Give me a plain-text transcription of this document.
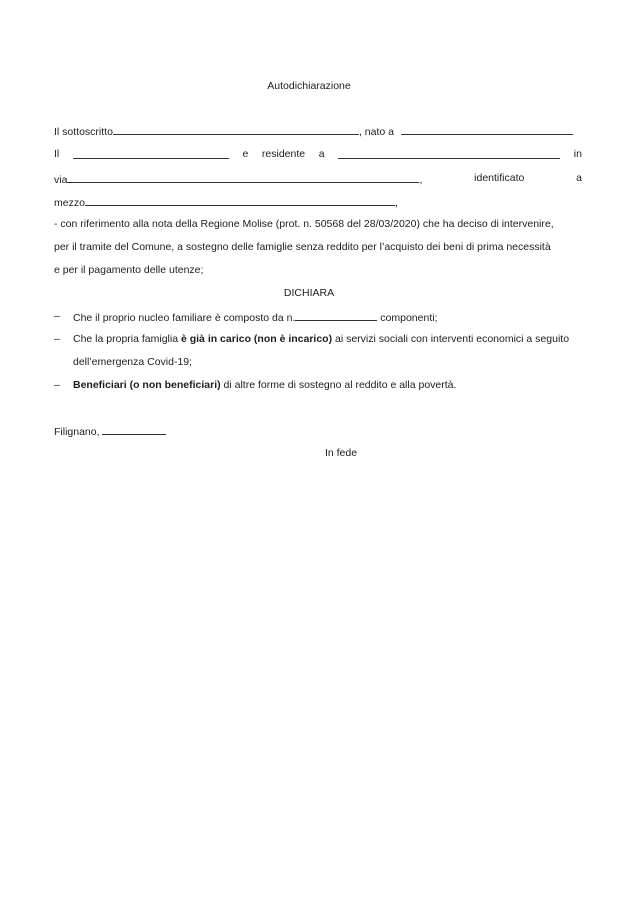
Autodichiarazione
Il sottoscritto	, nato a
Il	e residente a	in
via	,	identificato	a
mezzo	,
- con riferimento alla nota della Regione Molise (prot. n. 50568 del 28/03/2020) che ha deciso di intervenire,
per il tramite del Comune, a sostegno delle famiglie senza reddito per l’acquisto dei beni di prima necessità
e per il pagamento delle utenze;
DICHIARA
– Che il proprio nucleo familiare è composto da n.	componenti;
– Che la propria famiglia è già in carico (non è incarico) ai servizi sociali con interventi economici a seguito
dell’emergenza Covid-19;
– Beneficiari (o non beneficiari) di altre forme di sostegno al reddito e alla povertà.
Filignano,
In fede
